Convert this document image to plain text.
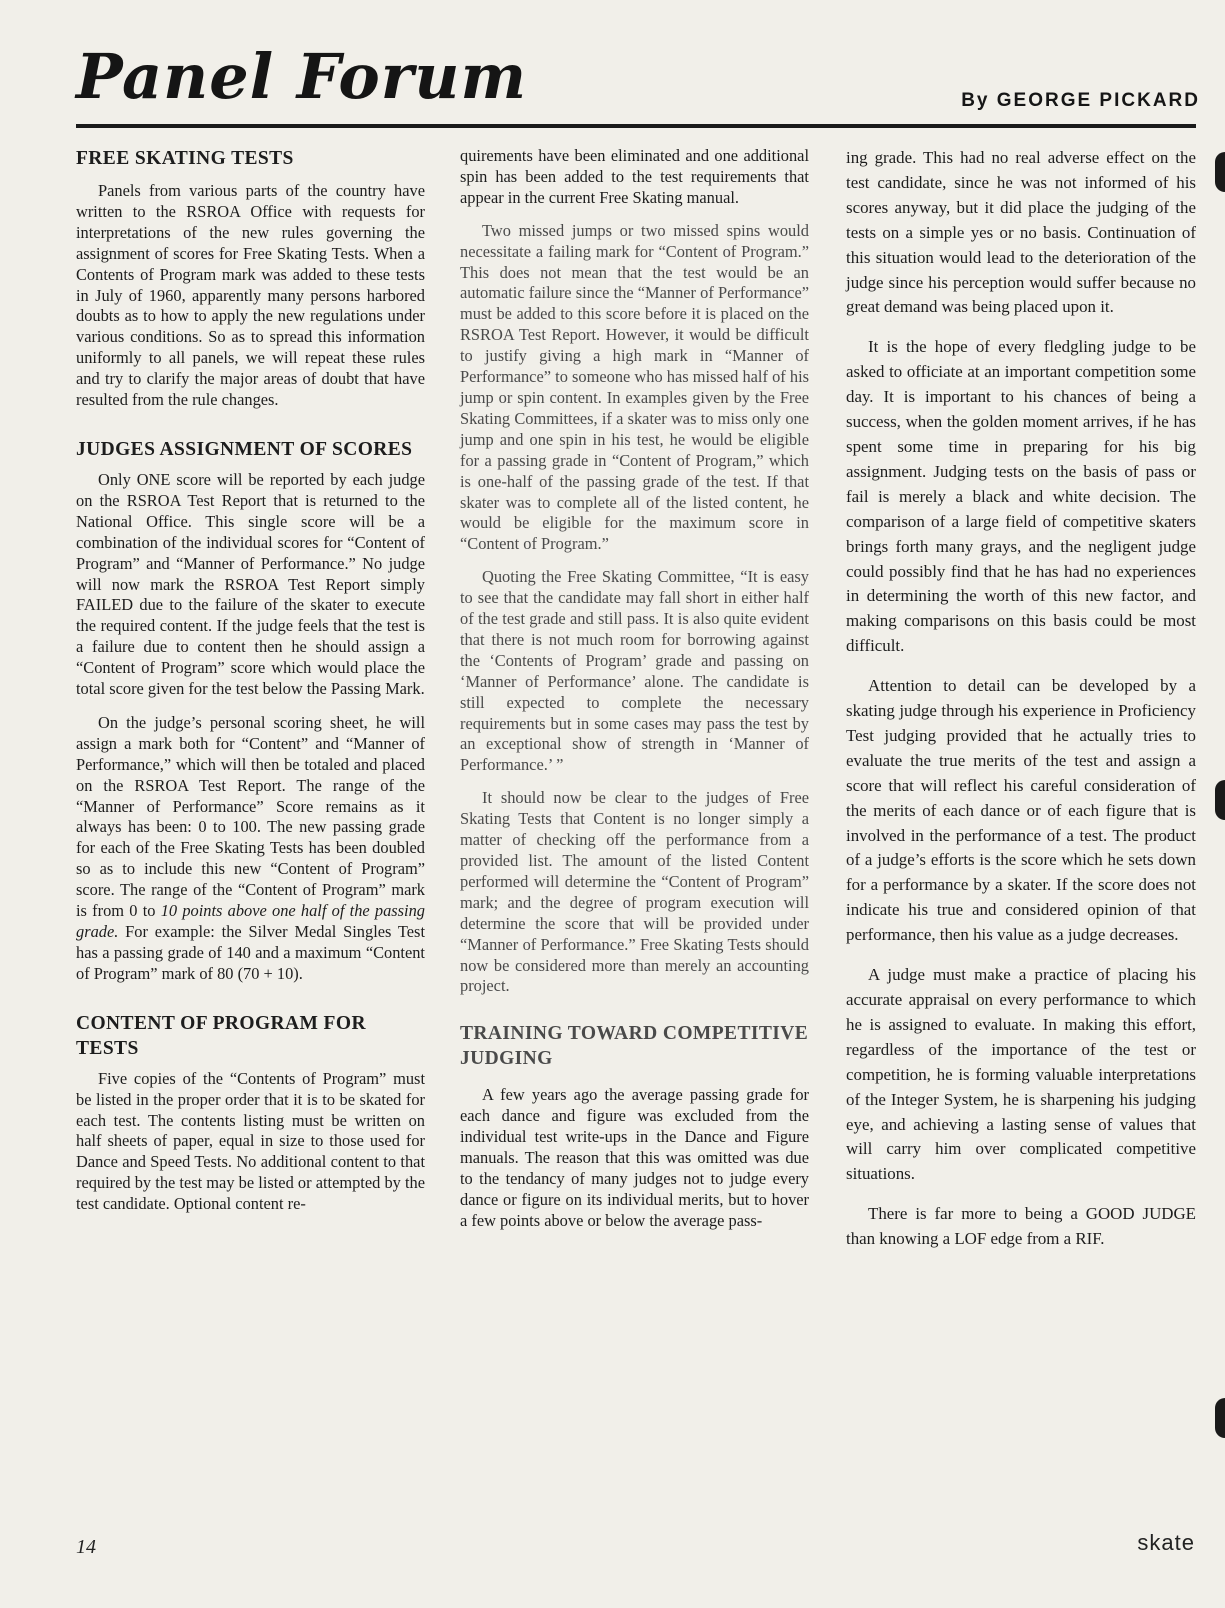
Panel Forum	By GEORGE PICKARD
FREE SKATING TESTS

Panels from various parts of the country have written to the RSROA Office with requests for interpretations of the new rules governing the assignment of scores for Free Skating Tests. When a Contents of Program mark was added to these tests in July of 1960, apparently many persons harbored doubts as to how to apply the new regulations under various conditions. So as to spread this information uniformly to all panels, we will repeat these rules and try to clarify the major areas of doubt that have resulted from the rule changes.

JUDGES ASSIGNMENT OF SCORES

Only ONE score will be reported by each judge on the RSROA Test Report that is returned to the National Office. This single score will be a combination of the individual scores for “Content of Program” and “Manner of Performance.” No judge will now mark the RSROA Test Report simply FAILED due to the failure of the skater to execute the required content. If the judge feels that the test is a failure due to content then he should assign a “Content of Program” score which would place the total score given for the test below the Passing Mark.

On the judge’s personal scoring sheet, he will assign a mark both for “Content” and “Manner of Performance,” which will then be totaled and placed on the RSROA Test Report. The range of the “Manner of Performance” Score remains as it always has been: 0 to 100. The new passing grade for each of the Free Skating Tests has been doubled so as to include this new “Content of Program” score. The range of the “Content of Program” mark is from 0 to 10 points above one half of the passing grade. For example: the Silver Medal Singles Test has a passing grade of 140 and a maximum “Content of Program” mark of 80 (70 + 10).

CONTENT OF PROGRAM FOR TESTS

Five copies of the “Contents of Program” must be listed in the proper order that it is to be skated for each test. The contents listing must be written on half sheets of paper, equal in size to those used for Dance and Speed Tests. No additional content to that required by the test may be listed or attempted by the test candidate. Optional content re-

quirements have been eliminated and one additional spin has been added to the test requirements that appear in the current Free Skating manual.

Two missed jumps or two missed spins would necessitate a failing mark for “Content of Program.” This does not mean that the test would be an automatic failure since the “Manner of Performance” must be added to this score before it is placed on the RSROA Test Report. However, it would be difficult to justify giving a high mark in “Manner of Performance” to someone who has missed half of his jump or spin content. In examples given by the Free Skating Committees, if a skater was to miss only one jump and one spin in his test, he would be eligible for a passing grade in “Content of Program,” which is one-half of the passing grade of the test. If that skater was to complete all of the listed content, he would be eligible for the maximum score in “Content of Program.”

Quoting the Free Skating Committee, “It is easy to see that the candidate may fall short in either half of the test grade and still pass. It is also quite evident that there is not much room for borrowing against the ‘Contents of Program’ grade and passing on ‘Manner of Performance’ alone. The candidate is still expected to complete the necessary requirements but in some cases may pass the test by an exceptional show of strength in ‘Manner of Performance.’ ”

It should now be clear to the judges of Free Skating Tests that Content is no longer simply a matter of checking off the performance from a provided list. The amount of the listed Content performed will determine the “Content of Program” mark; and the degree of program execution will determine the score that will be provided under “Manner of Performance.” Free Skating Tests should now be considered more than merely an accounting project.

TRAINING TOWARD COMPETITIVE JUDGING

A few years ago the average passing grade for each dance and figure was excluded from the individual test write-ups in the Dance and Figure manuals. The reason that this was omitted was due to the tendancy of many judges not to judge every dance or figure on its individual merits, but to hover a few points above or below the average pass-

ing grade. This had no real adverse effect on the test candidate, since he was not informed of his scores anyway, but it did place the judging of the tests on a simple yes or no basis. Continuation of this situation would lead to the deterioration of the judge since his perception would suffer because no great demand was being placed upon it.

It is the hope of every fledgling judge to be asked to officiate at an important competition some day. It is important to his chances of being a success, when the golden moment arrives, if he has spent some time in preparing for his big assignment. Judging tests on the basis of pass or fail is merely a black and white decision. The comparison of a large field of competitive skaters brings forth many grays, and the negligent judge could possibly find that he has had no experiences in determining the worth of this new factor, and making comparisons on this basis could be most difficult.

Attention to detail can be developed by a skating judge through his experience in Proficiency Test judging provided that he actually tries to evaluate the true merits of the test and assign a score that will reflect his careful consideration of the merits of each dance or of each figure that is involved in the performance of a test. The product of a judge’s efforts is the score which he sets down for a performance by a skater. If the score does not indicate his true and considered opinion of that performance, then his value as a judge decreases.

A judge must make a practice of placing his accurate appraisal on every performance to which he is assigned to evaluate. In making this effort, regardless of the importance of the test or competition, he is forming valuable interpretations of the Integer System, he is sharpening his judging eye, and achieving a lasting sense of values that will carry him over complicated competitive situations.

There is far more to being a GOOD JUDGE than knowing a LOF edge from a RIF.

14	skate
